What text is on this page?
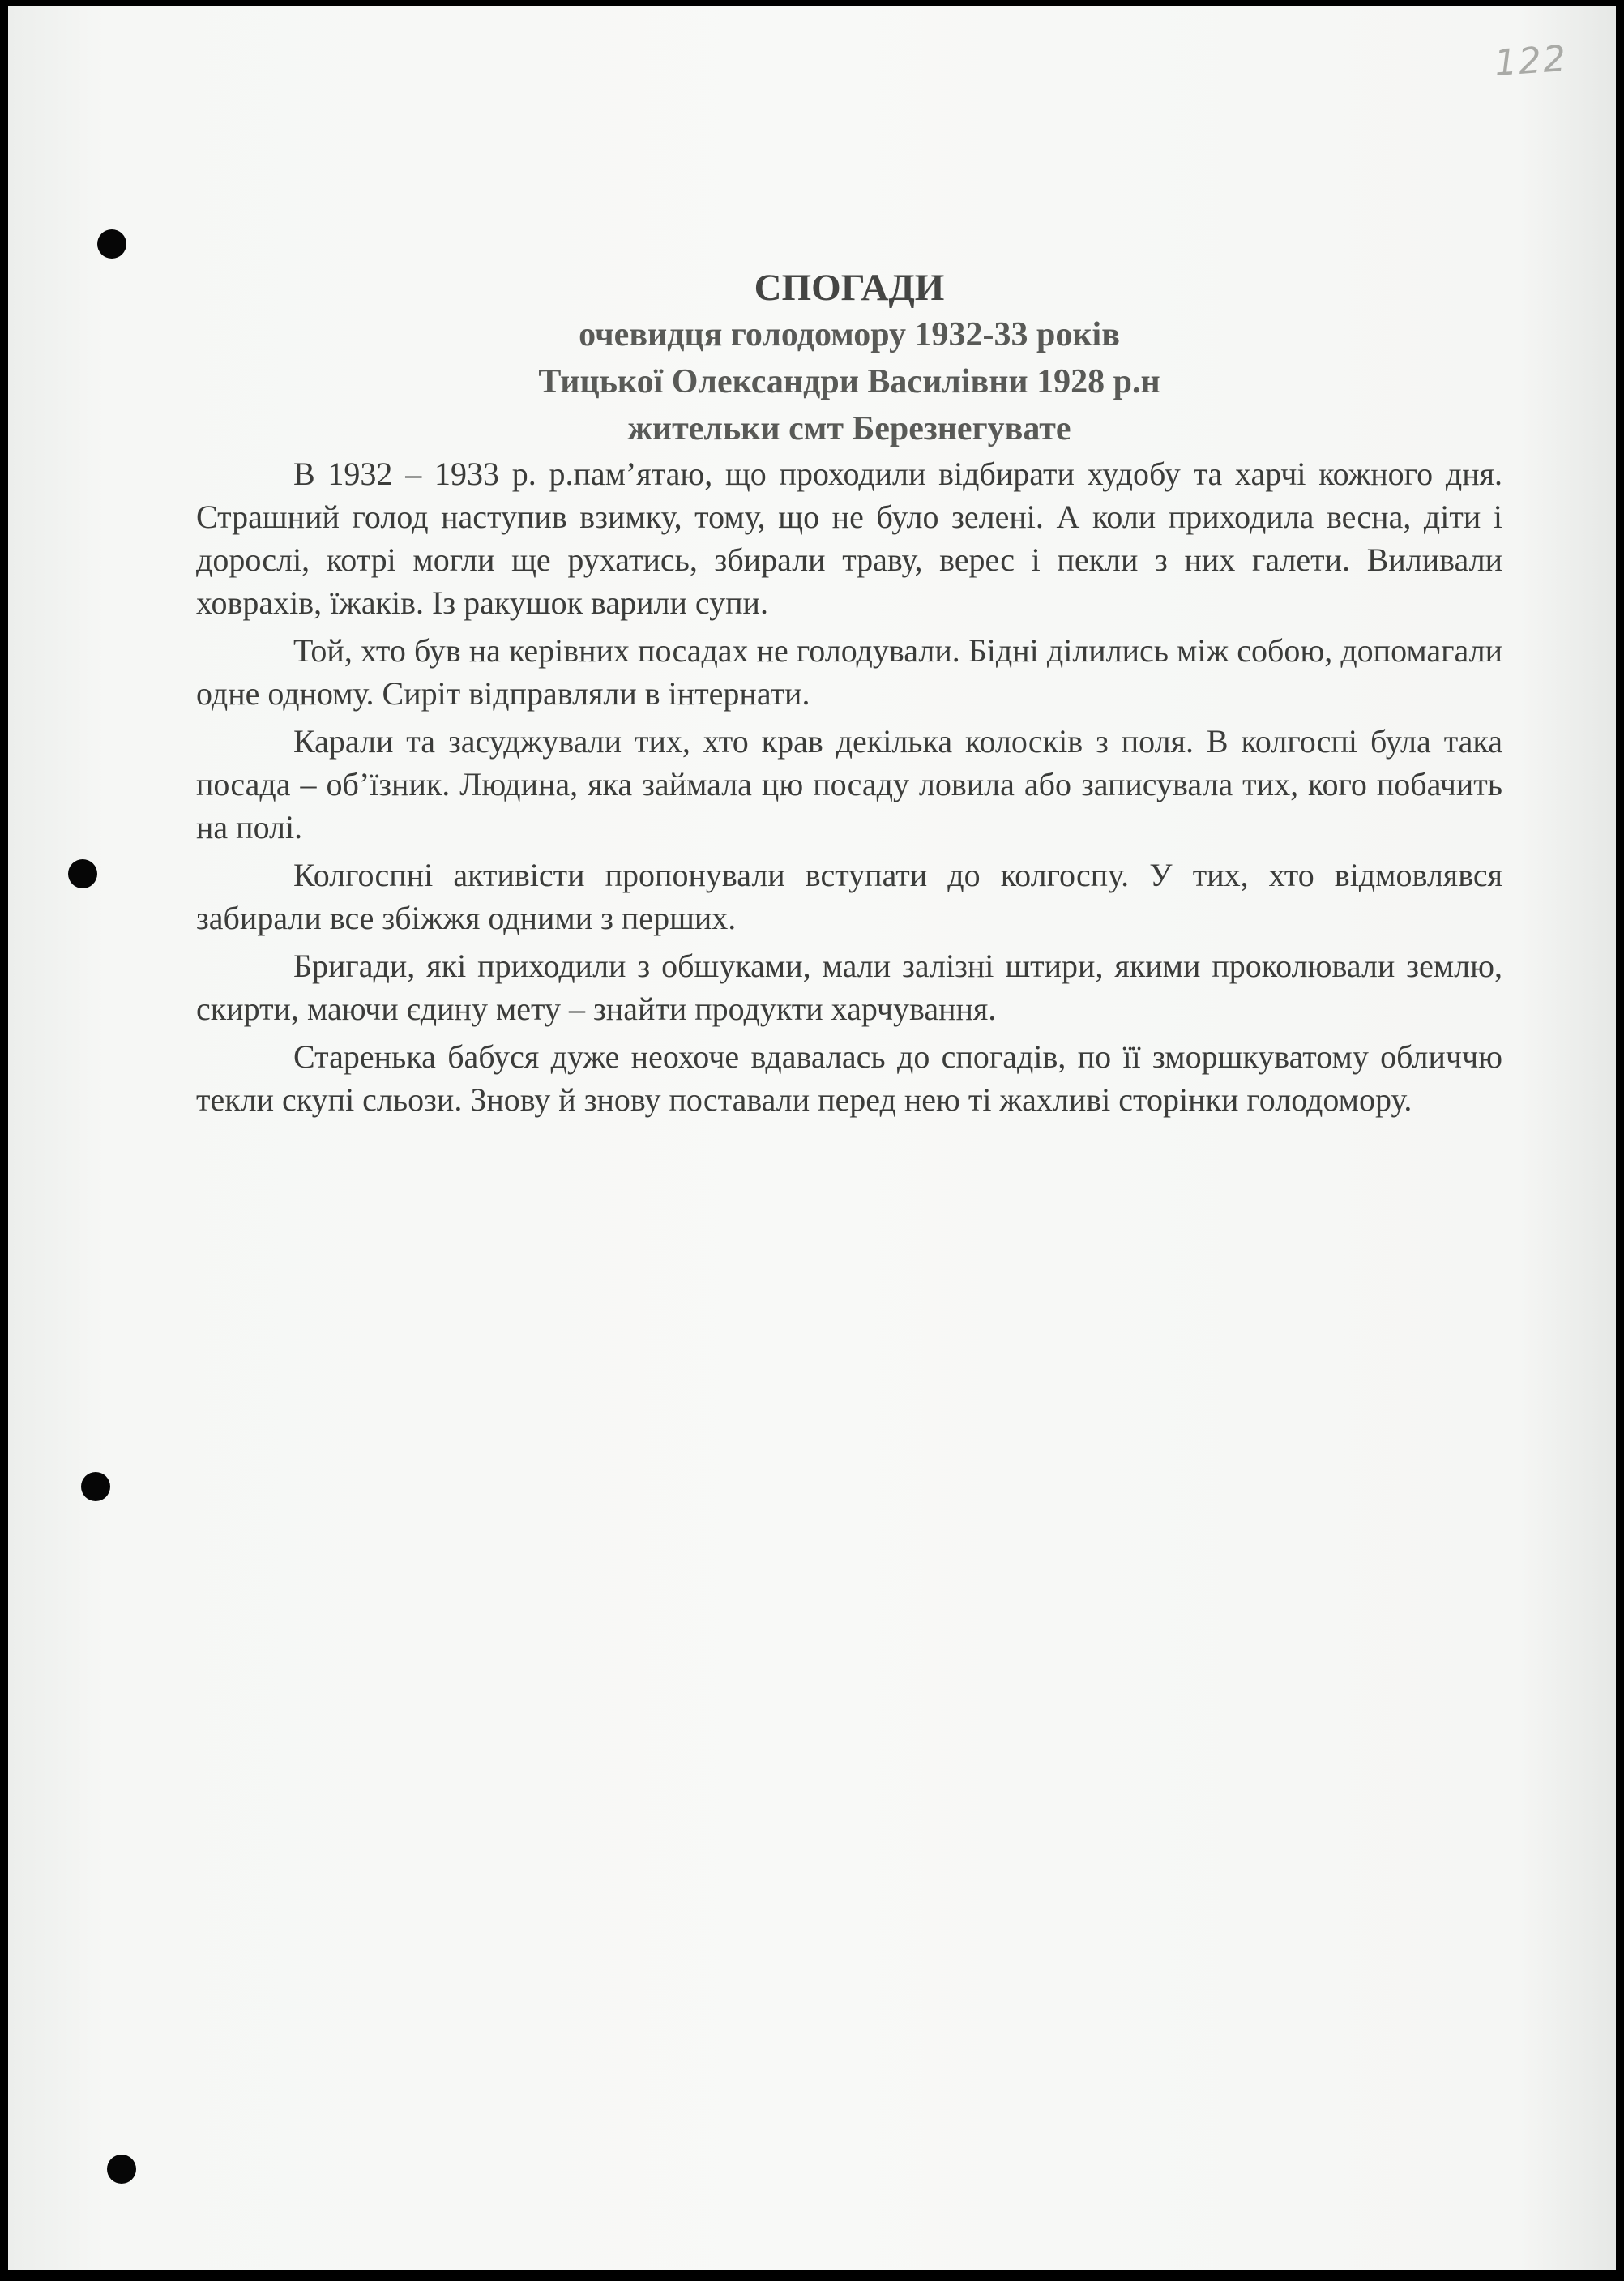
122

СПОГАДИ

очевидця голодомору 1932-33 років

Тицької Олександри Василівни 1928 р.н

жительки смт Березнегувате

В 1932 – 1933 р. р.пам’ятаю, що проходили відбирати худобу та харчі кожного дня. Страшний голод наступив взимку, тому, що не було зелені. А коли приходила весна, діти і дорослі, котрі могли ще рухатись, збирали траву, верес і пекли з них галети. Виливали ховрахів, їжаків. Із ракушок варили супи.

Той, хто був на керівних посадах не голодували. Бідні ділились між собою, допомагали одне одному. Сиріт відправляли в інтернати.

Карали та засуджували тих, хто крав декілька колосків з поля. В колгоспі була така посада – об’їзник. Людина, яка займала цю посаду ловила або записувала тих, кого побачить на полі.

Колгоспні активісти пропонували вступати до колгоспу. У тих, хто відмовлявся забирали все збіжжя одними з перших.

Бригади, які приходили з обшуками, мали залізні штири, якими проколювали землю, скирти, маючи єдину мету – знайти продукти харчування.

Старенька бабуся дуже неохоче вдавалась до спогадів, по її зморшкуватому обличчю текли скупі сльози. Знову й знову поставали перед нею ті жахливі сторінки голодомору.
